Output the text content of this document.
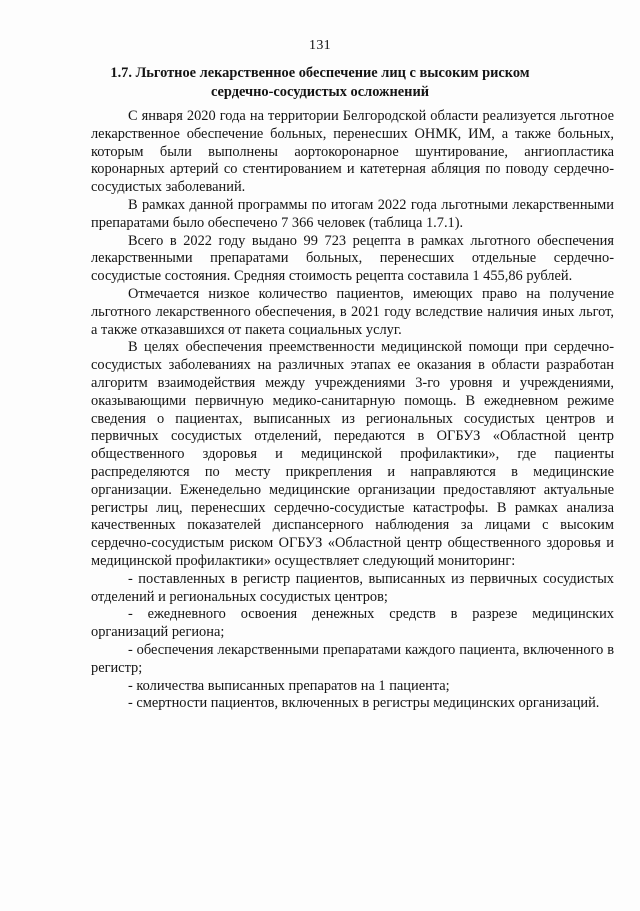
131
1.7. Льготное лекарственное обеспечение лиц с высоким риском
сердечно-сосудистых осложнений

С января 2020 года на территории Белгородской области реализуется льготное лекарственное обеспечение больных, перенесших ОНМК, ИМ, а также больных, которым были выполнены аортокоронарное шунтирование, ангиопластика коронарных артерий со стентированием и катетерная абляция по поводу сердечно-сосудистых заболеваний.

В рамках данной программы по итогам 2022 года льготными лекарственными препаратами было обеспечено 7 366 человек (таблица 1.7.1).

Всего в 2022 году выдано 99 723 рецепта в рамках льготного обеспечения лекарственными препаратами больных, перенесших отдельные сердечно-сосудистые состояния. Средняя стоимость рецепта составила 1 455,86 рублей.

Отмечается низкое количество пациентов, имеющих право на получение льготного лекарственного обеспечения, в 2021 году вследствие наличия иных льгот, а также отказавшихся от пакета социальных услуг.

В целях обеспечения преемственности медицинской помощи при сердечно-сосудистых заболеваниях на различных этапах ее оказания в области разработан алгоритм взаимодействия между учреждениями 3-го уровня и учреждениями, оказывающими первичную медико-санитарную помощь. В ежедневном режиме сведения о пациентах, выписанных из региональных сосудистых центров и первичных сосудистых отделений, передаются в ОГБУЗ «Областной центр общественного здоровья и медицинской профилактики», где пациенты распределяются по месту прикрепления и направляются в медицинские организации. Еженедельно медицинские организации предоставляют актуальные регистры лиц, перенесших сердечно-сосудистые катастрофы. В рамках анализа качественных показателей диспансерного наблюдения за лицами с высоким сердечно-сосудистым риском ОГБУЗ «Областной центр общественного здоровья и медицинской профилактики» осуществляет следующий мониторинг:

- поставленных в регистр пациентов, выписанных из первичных сосудистых отделений и региональных сосудистых центров;

- ежедневного освоения денежных средств в разрезе медицинских организаций региона;

- обеспечения лекарственными препаратами каждого пациента, включенного в регистр;

- количества выписанных препаратов на 1 пациента;

- смертности пациентов, включенных в регистры медицинских организаций.
